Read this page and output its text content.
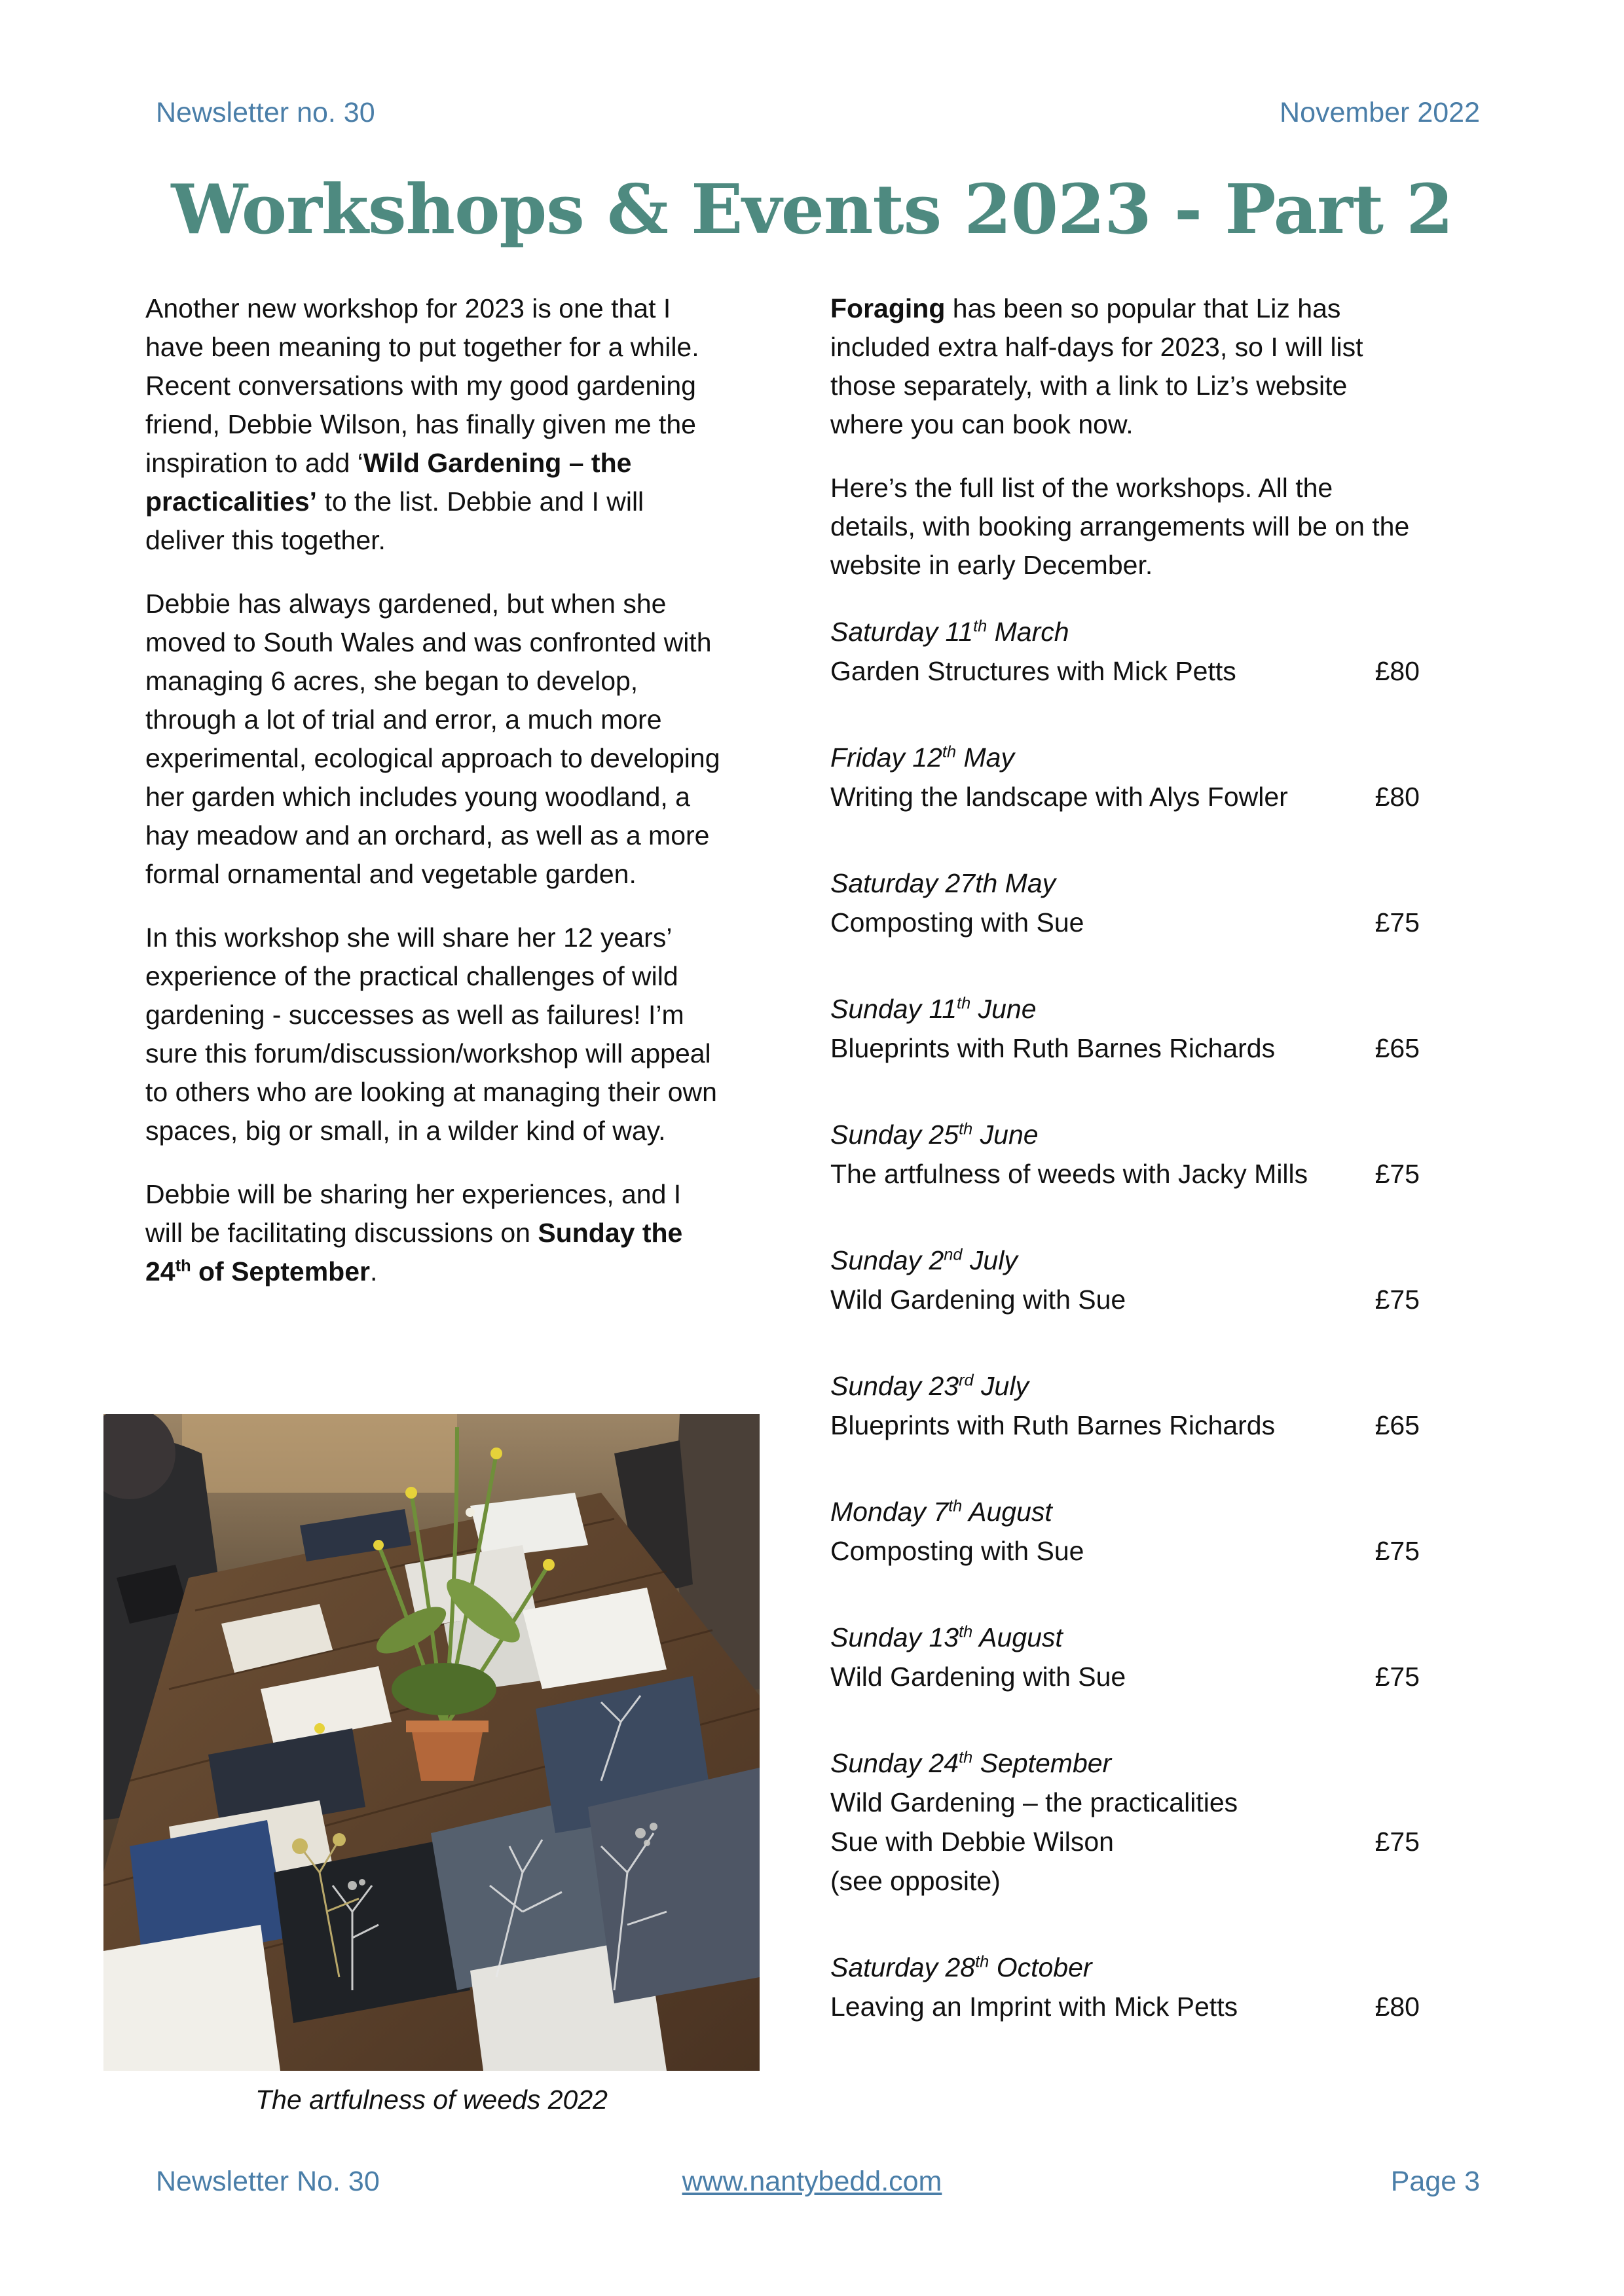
Newsletter no. 30	November 2022
Workshops & Events 2023 - Part 2

Another new workshop for 2023 is one that I have been meaning to put together for a while. Recent conversations with my good gardening friend, Debbie Wilson, has finally given me the inspiration to add ‘Wild Gardening – the practicalities’ to the list. Debbie and I will deliver this together.

Debbie has always gardened, but when she moved to South Wales and was confronted with managing 6 acres, she began to develop, through a lot of trial and error, a much more experimental, ecological approach to developing her garden which includes young woodland, a hay meadow and an orchard, as well as a more formal ornamental and vegetable garden.

In this workshop she will share her 12 years’ experience of the practical challenges of wild gardening - successes as well as failures! I’m sure this forum/discussion/workshop will appeal to others who are looking at managing their own spaces, big or small, in a wilder kind of way.

Debbie will be sharing her experiences, and I will be facilitating discussions on Sunday the 24th of September.

The artfulness of weeds 2022

Foraging has been so popular that Liz has included extra half-days for 2023, so I will list those separately, with a link to Liz’s website where you can book now.

Here’s the full list of the workshops. All the details, with booking arrangements will be on the website in early December.

Saturday 11th March
Garden Structures with Mick Petts	£80
Friday 12th May
Writing the landscape with Alys Fowler	£80
Saturday 27th May
Composting with Sue	£75
Sunday 11th June
Blueprints with Ruth Barnes Richards	£65
Sunday 25th June
The artfulness of weeds with Jacky Mills £75
Sunday 2nd July
Wild Gardening with Sue	£75
Sunday 23rd July
Blueprints with Ruth Barnes Richards	£65
Monday 7th August
Composting with Sue	£75
Sunday 13th August
Wild Gardening with Sue	£75
Sunday 24th September
Wild Gardening – the practicalities
Sue with Debbie Wilson	£75
(see opposite)
Saturday 28th October
Leaving an Imprint with Mick Petts	£80
Newsletter No. 30	www.nantybedd.com	Page 3
